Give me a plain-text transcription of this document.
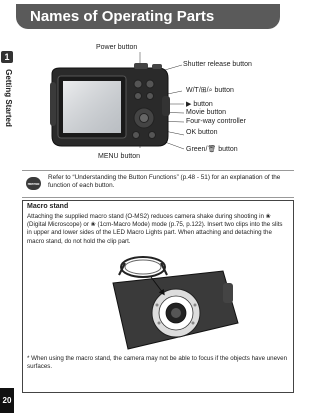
1
Getting Started
20
Names of Operating Parts
Power button
Shutter release button
W/T/⊞/⌕ button
▶ button
Movie button
Four-way controller
OK button
Green/🗑 button
MENU button
memo
Refer to “Understanding the Button Functions” (p.48 - 51) for an explanation of the function of each button.
Macro stand
Attaching the supplied macro stand (O-MS2) reduces camera shake during shooting in ❀ (Digital Microscope) or ❀ (1cm-Macro Mode) mode (p.75, p.122). Insert two clips into the slits in upper and lower sides of the LED Macro Lights part. When attaching and detaching the macro stand, do not hold the clip part.
* When using the macro stand, the camera may not be able to focus if the objects have uneven surfaces.
